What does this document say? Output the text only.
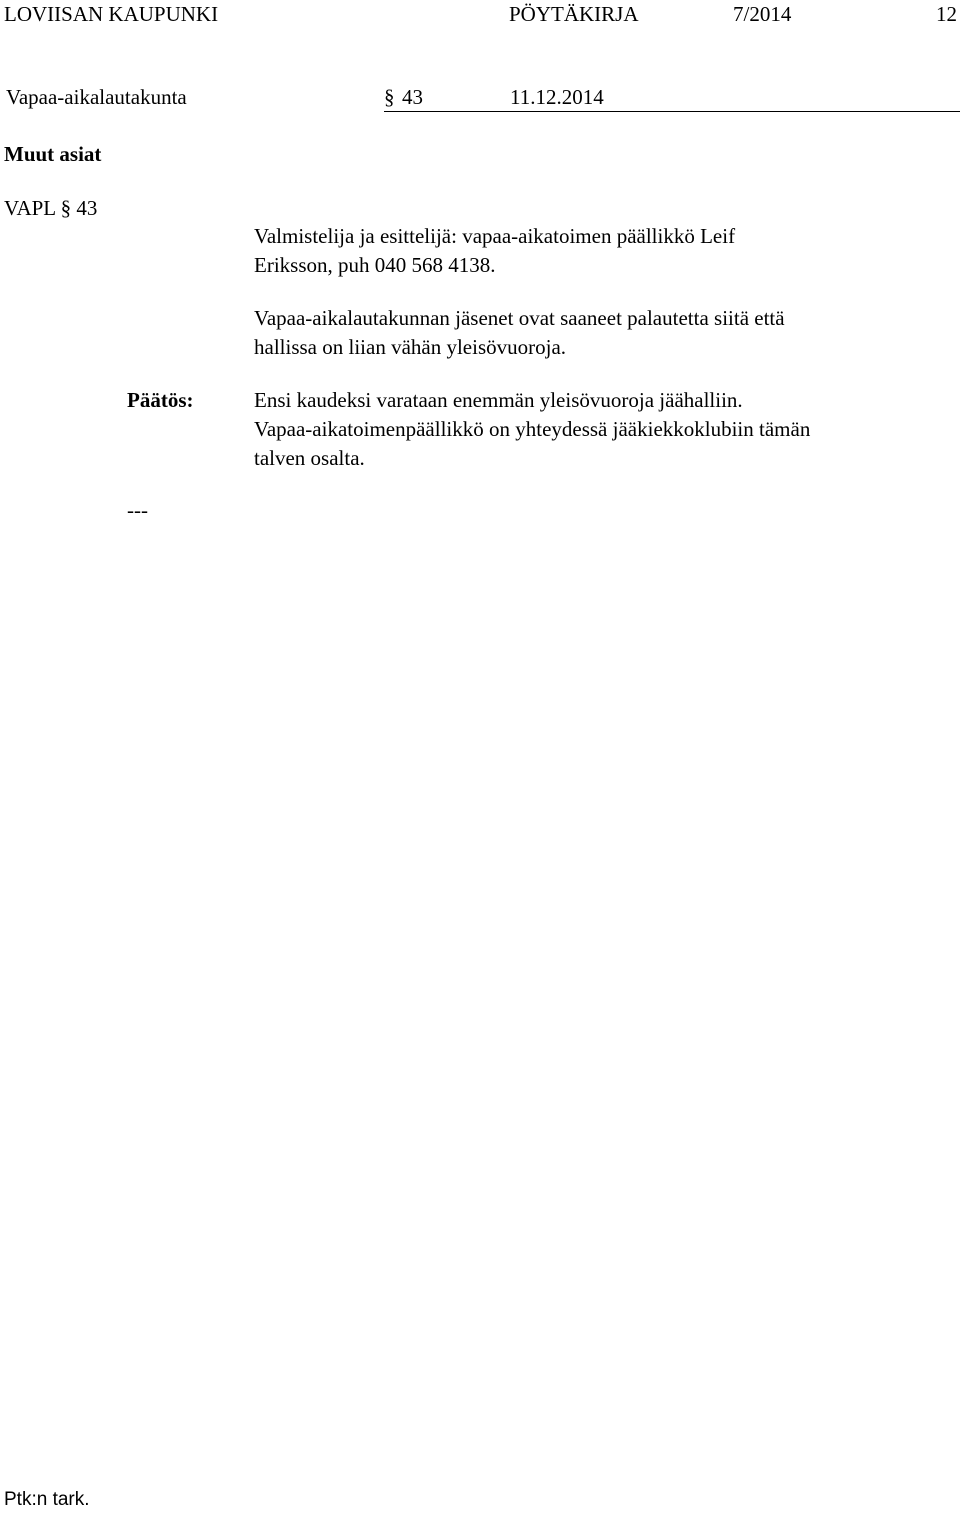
LOVIISAN KAUPUNKI	PÖYTÄKIRJA	7/2014	12
Vapaa-aikalautakunta	§ 43	11.12.2014
Muut asiat
VAPL § 43
Valmistelija ja esittelijä: vapaa-aikatoimen päällikkö Leif
Eriksson, puh 040 568 4138.
Vapaa-aikalautakunnan jäsenet ovat saaneet palautetta siitä että
hallissa on liian vähän yleisövuoroja.
Päätös:	Ensi kaudeksi varataan enemmän yleisövuoroja jäähalliin.
Vapaa-aikatoimenpäällikkö on yhteydessä jääkiekkoklubiin tämän
talven osalta.
---
Ptk:n tark.
